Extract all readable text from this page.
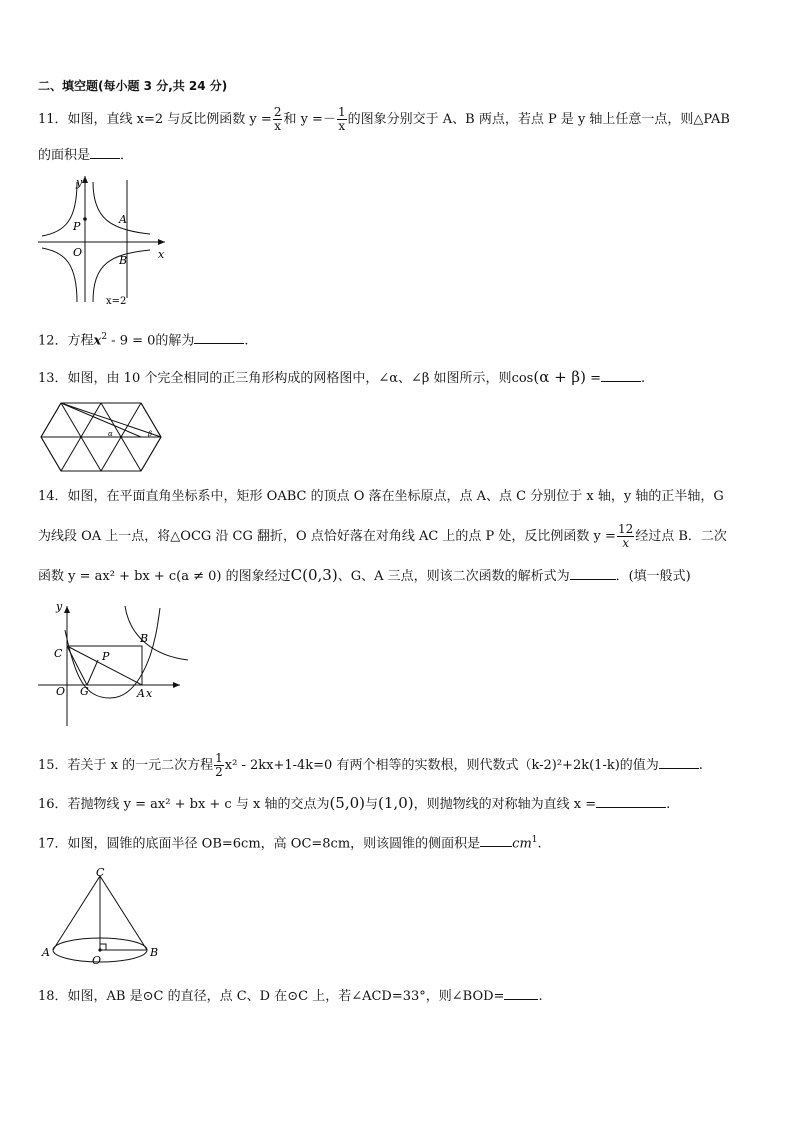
二、填空题(每小题 3 分,共 24 分)
11．如图，直线 x=2 与反比例函数 $y = \frac{2}{x}$ 和 $y =- \frac{1}{x}$ 的图象分别交于 A、B 两点，若点 P 是 y 轴上任意一点，则△PAB
的面积是 ．
y
x
P
A
O
B
x=2
12．方程$x^2 - 9 = 0$的解为	.
13．如图，由 10 个完全相同的正三角形构成的网格图中，∠α、∠β 如图所示，则cos(α + β) =	.
α	β
14．如图，在平面直角坐标系中，矩形 OABC 的顶点 O 落在坐标原点，点 A、点 C 分别位于 x 轴，y 轴的正半轴，G
为线段 OA 上一点，将△OCG 沿 CG 翻折，O 点恰好落在对角线 AC 上的点 P 处，反比例函数 $y = \frac{12}{x}$ 经过点 B．二次
函数 y = ax² + bx + c(a ≠ 0) 的图象经过C(0,3)、G、A 三点，则该二次函数的解析式为	．(填一般式)
y
x
C
B
P
O G	A
15．若关于 x 的一元二次方程 $\frac{1}{2} x^2 - 2kx+1-4k=0$ 有两个相等的实数根，则代数式（k-2)²+2k(1-k)的值为	.
16．若抛物线 y = ax² + bx + c 与 x 轴的交点为(5,0)与(1,0)，则抛物线的对称轴为直线 x =	.
17．如图，圆锥的底面半径 OB=6cm，高 OC=8cm，则该圆锥的侧面积是 $cm^1$.
C
A
O
B
18．如图，AB 是⊙C 的直径，点 C、D 在⊙C 上，若∠ACD=33°，则∠BOD=	.
